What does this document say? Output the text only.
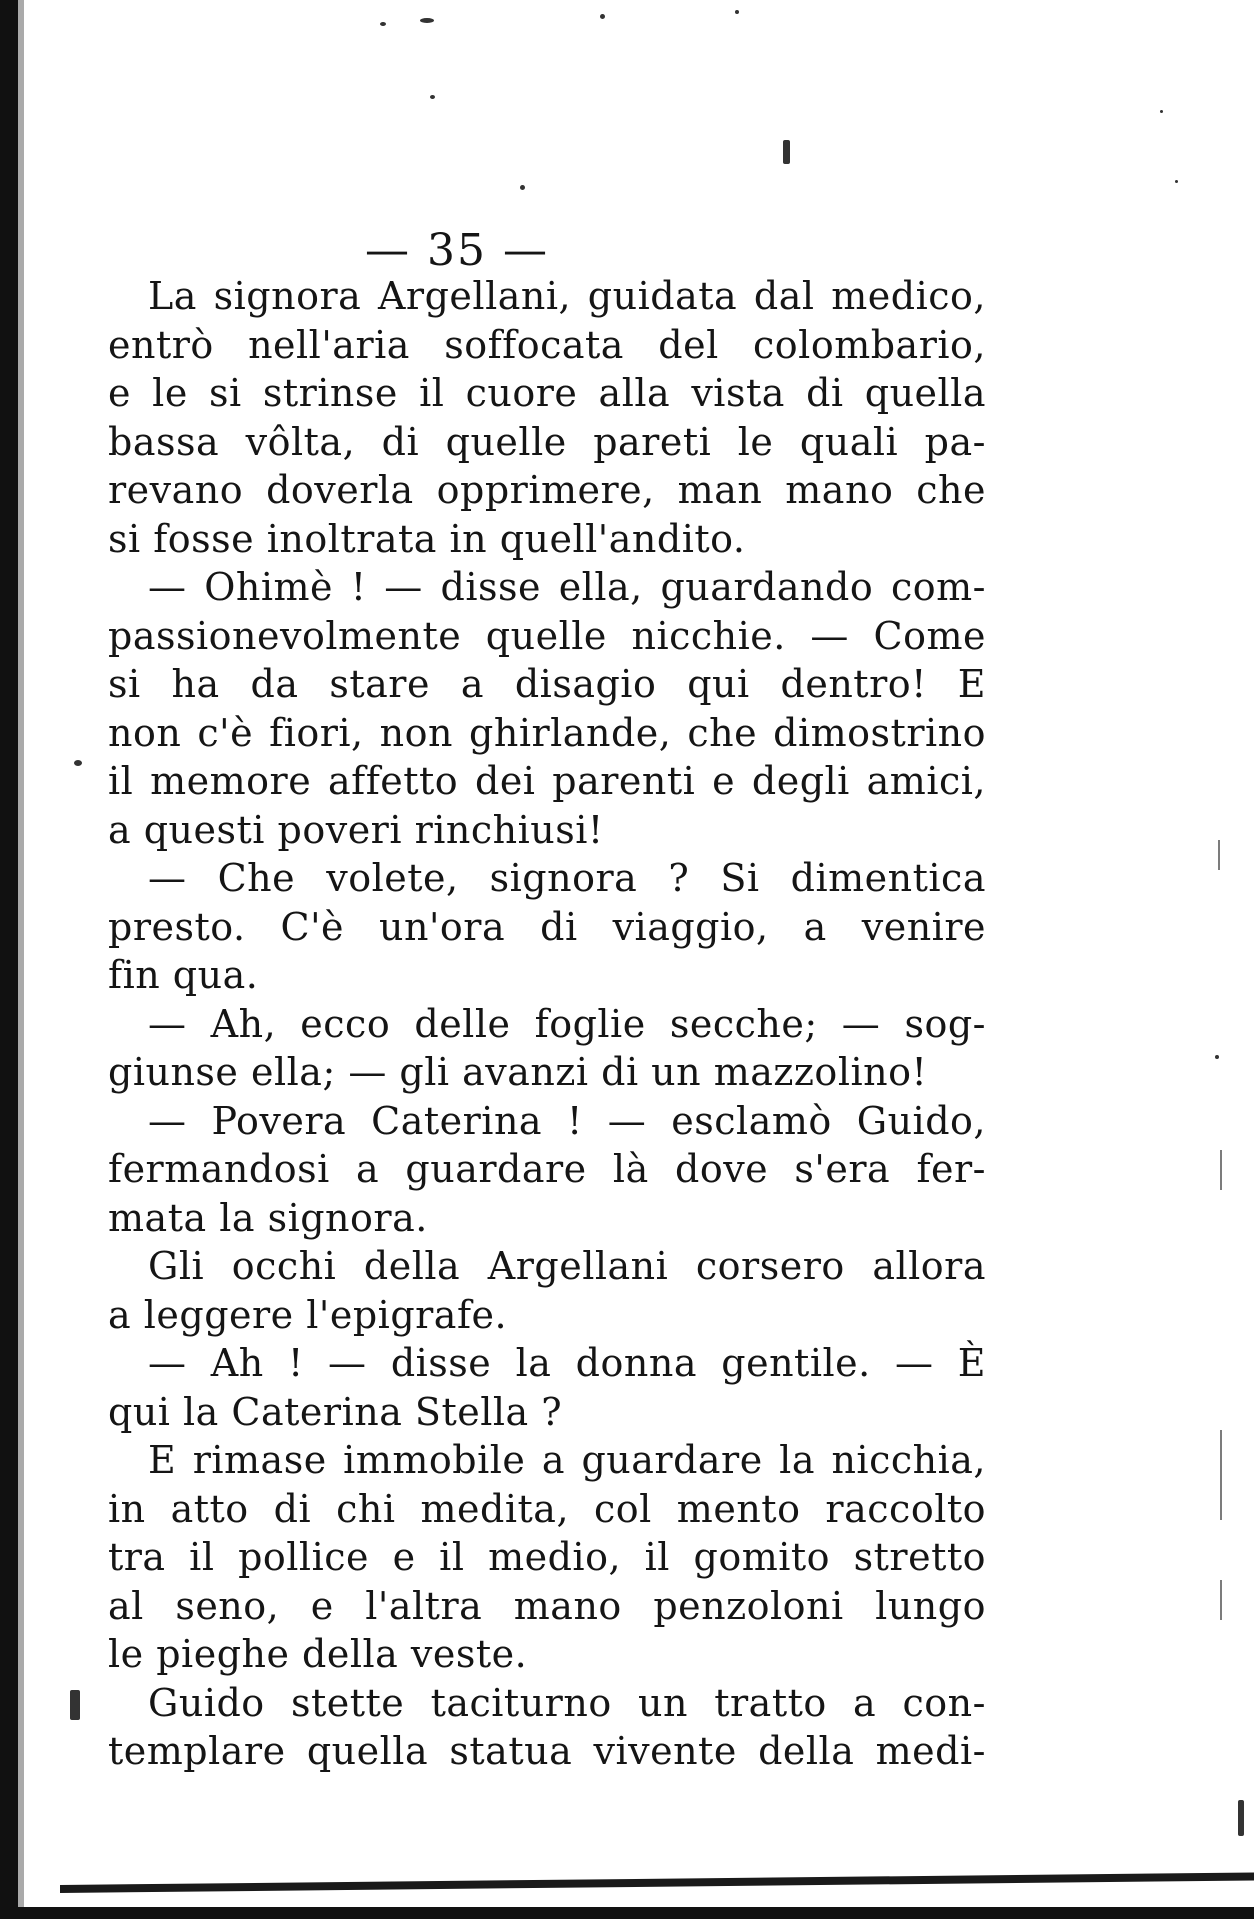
— 35 —
La signora Argellani, guidata dal medico,
entrò nell'aria soffocata del colombario,
e le si strinse il cuore alla vista di quella
bassa vôlta, di quelle pareti le quali pa-
revano doverla opprimere, man mano che
si fosse inoltrata in quell'andito.
— Ohimè ! — disse ella, guardando com-
passionevolmente quelle nicchie. — Come
si ha da stare a disagio qui dentro! E
non c'è fiori, non ghirlande, che dimostrino
il memore affetto dei parenti e degli amici,
a questi poveri rinchiusi!
— Che volete, signora ? Si dimentica
presto. C'è un'ora di viaggio, a venire
fin qua.
— Ah, ecco delle foglie secche; — sog-
giunse ella; — gli avanzi di un mazzolino!
— Povera Caterina ! — esclamò Guido,
fermandosi a guardare là dove s'era fer-
mata la signora.
Gli occhi della Argellani corsero allora
a leggere l'epigrafe.
— Ah ! — disse la donna gentile. — È
qui la Caterina Stella ?
E rimase immobile a guardare la nicchia,
in atto di chi medita, col mento raccolto
tra il pollice e il medio, il gomito stretto
al seno, e l'altra mano penzoloni lungo
le pieghe della veste.
Guido stette taciturno un tratto a con-
templare quella statua vivente della medi-
